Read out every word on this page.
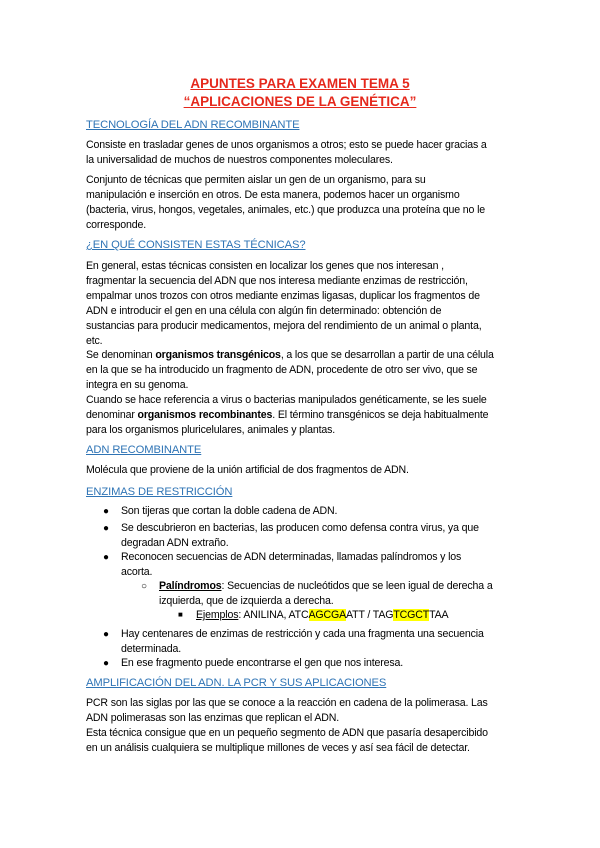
APUNTES PARA EXAMEN TEMA 5
“APLICACIONES DE LA GENÉTICA”
TECNOLOGÍA DEL ADN RECOMBINANTE
Consiste en trasladar genes de unos organismos a otros; esto se puede hacer gracias a
la universalidad de muchos de nuestros componentes moleculares.
Conjunto de técnicas que permiten aislar un gen de un organismo, para su
manipulación e inserción en otros. De esta manera, podemos hacer un organismo
(bacteria, virus, hongos, vegetales, animales, etc.) que produzca una proteína que no le
corresponde.
¿EN QUÉ CONSISTEN ESTAS TÉCNICAS?
En general, estas técnicas consisten en localizar los genes que nos interesan ,
fragmentar la secuencia del ADN que nos interesa mediante enzimas de restricción,
empalmar unos trozos con otros mediante enzimas ligasas, duplicar los fragmentos de
ADN e introducir el gen en una célula con algún fin determinado: obtención de
sustancias para producir medicamentos, mejora del rendimiento de un animal o planta,
etc.
Se denominan organismos transgénicos, a los que se desarrollan a partir de una célula
en la que se ha introducido un fragmento de ADN, procedente de otro ser vivo, que se
integra en su genoma.
Cuando se hace referencia a virus o bacterias manipulados genéticamente, se les suele
denominar organismos recombinantes. El término transgénicos se deja habitualmente
para los organismos pluricelulares, animales y plantas.
ADN RECOMBINANTE
Molécula que proviene de la unión artificial de dos fragmentos de ADN.
ENZIMAS DE RESTRICCIÓN
● Son tijeras que cortan la doble cadena de ADN.
● Se descubrieron en bacterias, las producen como defensa contra virus, ya que
degradan ADN extraño.
● Reconocen secuencias de ADN determinadas, llamadas palíndromos y los
acorta.
○ Palíndromos: Secuencias de nucleótidos que se leen igual de derecha a
izquierda, que de izquierda a derecha.
■ Ejemplos: ANILINA, ATCAGCGAATT / TAGTCGCTTAA
● Hay centenares de enzimas de restricción y cada una fragmenta una secuencia
determinada.
● En ese fragmento puede encontrarse el gen que nos interesa.
AMPLIFICACIÓN DEL ADN. LA PCR Y SUS APLICACIONES
PCR son las siglas por las que se conoce a la reacción en cadena de la polimerasa. Las
ADN polimerasas son las enzimas que replican el ADN.
Esta técnica consigue que en un pequeño segmento de ADN que pasaría desapercibido
en un análisis cualquiera se multiplique millones de veces y así sea fácil de detectar.
